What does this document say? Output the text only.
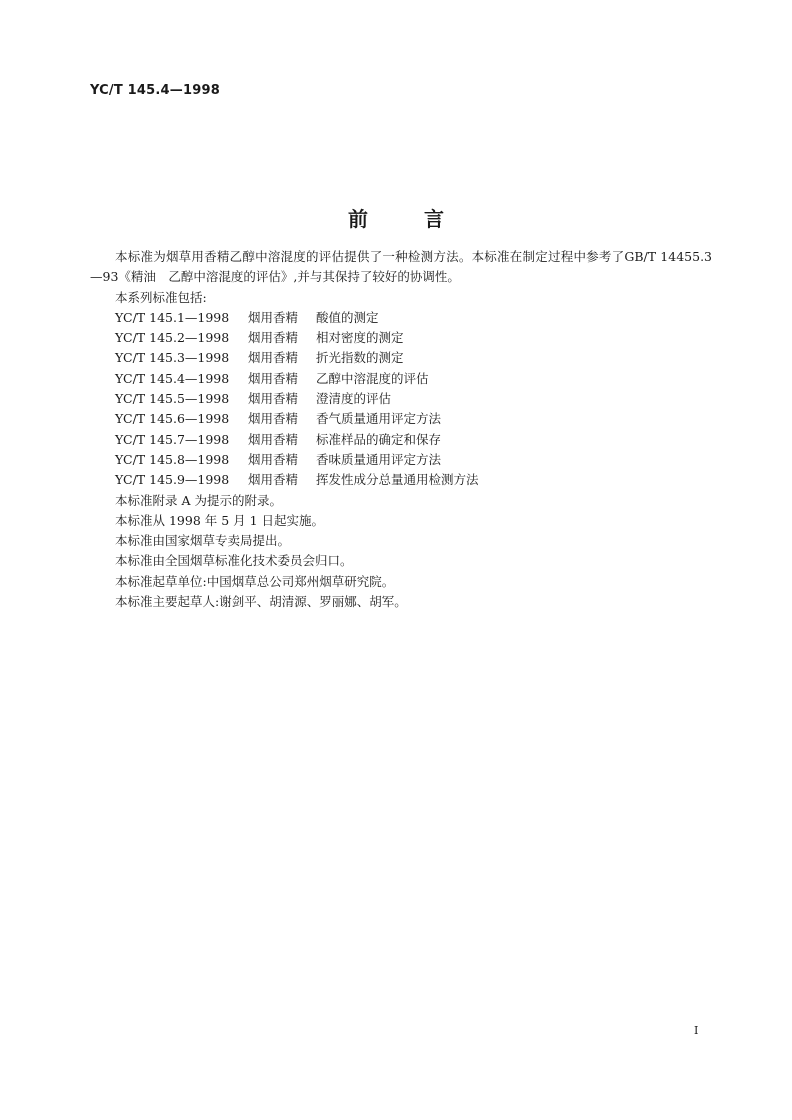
YC/T 145.4—1998
前言

本标准为烟草用香精乙醇中溶混度的评估提供了一种检测方法。本标准在制定过程中参考了GB/T 14455.3—93《精油　乙醇中溶混度的评估》,并与其保持了较好的协调性。

本系列标准包括:

YC/T 145.1—1998 烟用香精 酸值的测定
YC/T 145.2—1998 烟用香精 相对密度的测定
YC/T 145.3—1998 烟用香精 折光指数的测定
YC/T 145.4—1998 烟用香精 乙醇中溶混度的评估
YC/T 145.5—1998 烟用香精 澄清度的评估
YC/T 145.6—1998 烟用香精 香气质量通用评定方法
YC/T 145.7—1998 烟用香精 标准样品的确定和保存
YC/T 145.8—1998 烟用香精 香味质量通用评定方法
YC/T 145.9—1998 烟用香精 挥发性成分总量通用检测方法

本标准附录 A 为提示的附录。

本标准从 1998 年 5 月 1 日起实施。

本标准由国家烟草专卖局提出。

本标准由全国烟草标准化技术委员会归口。

本标准起草单位:中国烟草总公司郑州烟草研究院。

本标准主要起草人:谢剑平、胡清源、罗丽娜、胡军。

I
